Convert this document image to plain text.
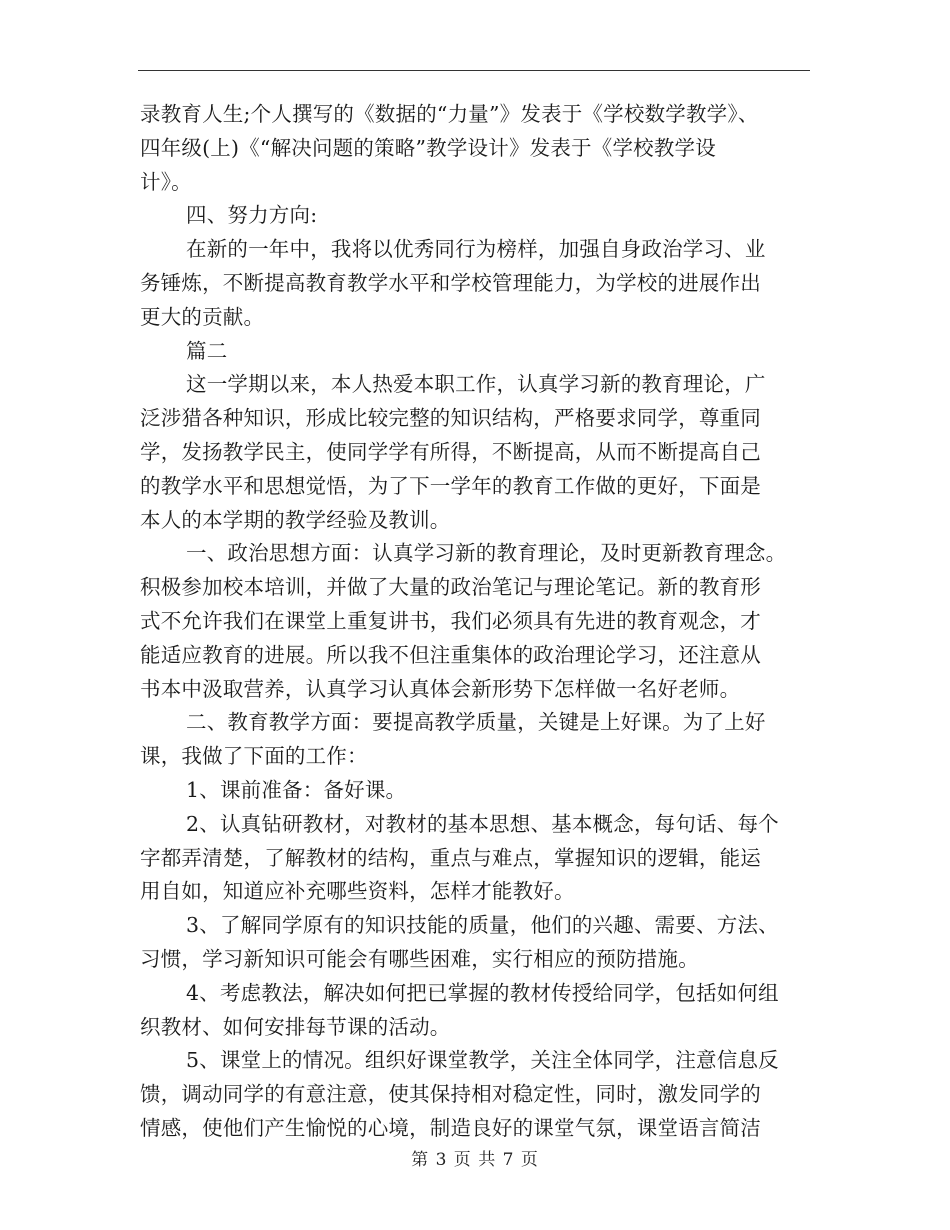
录教育人生;个人撰写的《数据的“力量”》发表于《学校数学教学》、
四年级(上)《“解决问题的策略”教学设计》发表于《学校教学设
计》。
四、努力方向:
在新的一年中，我将以优秀同行为榜样，加强自身政治学习、业
务锤炼，不断提高教育教学水平和学校管理能力，为学校的进展作出
更大的贡献。
篇二
这一学期以来，本人热爱本职工作，认真学习新的教育理论，广
泛涉猎各种知识，形成比较完整的知识结构，严格要求同学，尊重同
学，发扬教学民主，使同学学有所得，不断提高，从而不断提高自己
的教学水平和思想觉悟，为了下一学年的教育工作做的更好，下面是
本人的本学期的教学经验及教训。
一、政治思想方面：认真学习新的教育理论，及时更新教育理念。
积极参加校本培训，并做了大量的政治笔记与理论笔记。新的教育形
式不允许我们在课堂上重复讲书，我们必须具有先进的教育观念，才
能适应教育的进展。所以我不但注重集体的政治理论学习，还注意从
书本中汲取营养，认真学习认真体会新形势下怎样做一名好老师。
二、教育教学方面：要提高教学质量，关键是上好课。为了上好
课，我做了下面的工作：
1、课前准备：备好课。
2、认真钻研教材，对教材的基本思想、基本概念，每句话、每个
字都弄清楚，了解教材的结构，重点与难点，掌握知识的逻辑，能运
用自如，知道应补充哪些资料，怎样才能教好。
3、了解同学原有的知识技能的质量，他们的兴趣、需要、方法、
习惯，学习新知识可能会有哪些困难，实行相应的预防措施。
4、考虑教法，解决如何把已掌握的教材传授给同学，包括如何组
织教材、如何安排每节课的活动。
5、课堂上的情况。组织好课堂教学，关注全体同学，注意信息反
馈，调动同学的有意注意，使其保持相对稳定性，同时，激发同学的
情感，使他们产生愉悦的心境，制造良好的课堂气氛，课堂语言简洁
第 3 页 共 7 页
